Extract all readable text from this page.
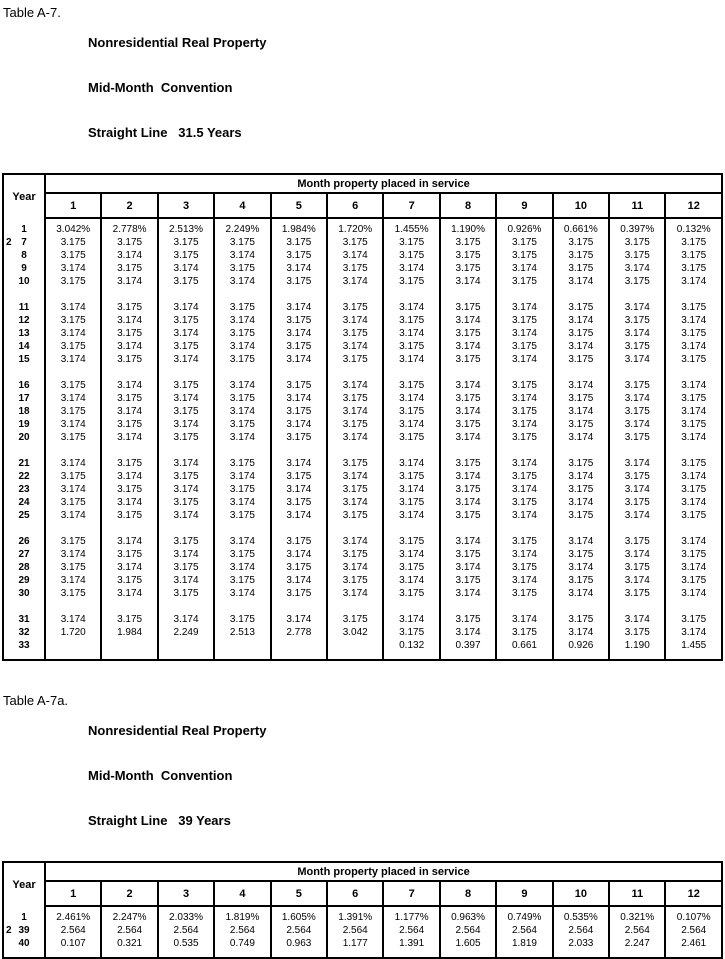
Table A-7.

Nonresidential Real Property

Mid-Month  Convention

Straight Line   31.5 Years

Year	Month property placed in service											
	1	2	3	4	5	6	7	8	9	10	11	12
1	3.042%	2.778%	2.513%	2.249%	1.984%	1.720%	1.455%	1.190%	0.926%	0.661%	0.397%	0.132%

2 7	3.175	3.175	3.175	3.175	3.175	3.175	3.175	3.175	3.175	3.175	3.175	3.175
8	3.175	3.174	3.175	3.174	3.175	3.174	3.175	3.175	3.175	3.175	3.175	3.175
9	3.174	3.175	3.174	3.175	3.174	3.175	3.174	3.175	3.174	3.175	3.174	3.175
10	3.175	3.174	3.175	3.174	3.175	3.174	3.175	3.174	3.175	3.174	3.175	3.174

11	3.174	3.175	3.174	3.175	3.174	3.175	3.174	3.175	3.174	3.175	3.174	3.175
12	3.175	3.174	3.175	3.174	3.175	3.174	3.175	3.174	3.175	3.174	3.175	3.174
13	3.174	3.175	3.174	3.175	3.174	3.175	3.174	3.175	3.174	3.175	3.174	3.175
14	3.175	3.174	3.175	3.174	3.175	3.174	3.175	3.174	3.175	3.174	3.175	3.174
15	3.174	3.175	3.174	3.175	3.174	3.175	3.174	3.175	3.174	3.175	3.174	3.175

16	3.175	3.174	3.175	3.174	3.175	3.174	3.175	3.174	3.175	3.174	3.175	3.174
17	3.174	3.175	3.174	3.175	3.174	3.175	3.174	3.175	3.174	3.175	3.174	3.175
18	3.175	3.174	3.175	3.174	3.175	3.174	3.175	3.174	3.175	3.174	3.175	3.174
19	3.174	3.175	3.174	3.175	3.174	3.175	3.174	3.175	3.174	3.175	3.174	3.175
20	3.175	3.174	3.175	3.174	3.175	3.174	3.175	3.174	3.175	3.174	3.175	3.174

21	3.174	3.175	3.174	3.175	3.174	3.175	3.174	3.175	3.174	3.175	3.174	3.175
22	3.175	3.174	3.175	3.174	3.175	3.174	3.175	3.174	3.175	3.174	3.175	3.174
23	3.174	3.175	3.174	3.175	3.174	3.175	3.174	3.175	3.174	3.175	3.174	3.175
24	3.175	3.174	3.175	3.174	3.175	3.174	3.175	3.174	3.175	3.174	3.175	3.174
25	3.174	3.175	3.174	3.175	3.174	3.175	3.174	3.175	3.174	3.175	3.174	3.175

26	3.175	3.174	3.175	3.174	3.175	3.174	3.175	3.174	3.175	3.174	3.175	3.174
27	3.174	3.175	3.174	3.175	3.174	3.175	3.174	3.175	3.174	3.175	3.174	3.175
28	3.175	3.174	3.175	3.174	3.175	3.174	3.175	3.174	3.175	3.174	3.175	3.174
29	3.174	3.175	3.174	3.175	3.174	3.175	3.174	3.175	3.174	3.175	3.174	3.175
30	3.175	3.174	3.175	3.174	3.175	3.174	3.175	3.174	3.175	3.174	3.175	3.174

31	3.174	3.175	3.174	3.175	3.174	3.175	3.174	3.175	3.174	3.175	3.174	3.175
32	1.720	1.984	2.249	2.513	2.778	3.042	3.175	3.174	3.175	3.174	3.175	3.174
33							0.132	0.397	0.661	0.926	1.190	1.455

Table A-7a.

Nonresidential Real Property

Mid-Month  Convention

Straight Line   39 Years

Year	Month property placed in service											
	1	2	3	4	5	6	7	8	9	10	11	12
1	2.461%	2.247%	2.033%	1.819%	1.605%	1.391%	1.177%	0.963%	0.749%	0.535%	0.321%	0.107%

2 39	2.564	2.564	2.564	2.564	2.564	2.564	2.564	2.564	2.564	2.564	2.564	2.564
40	0.107	0.321	0.535	0.749	0.963	1.177	1.391	1.605	1.819	2.033	2.247	2.461
